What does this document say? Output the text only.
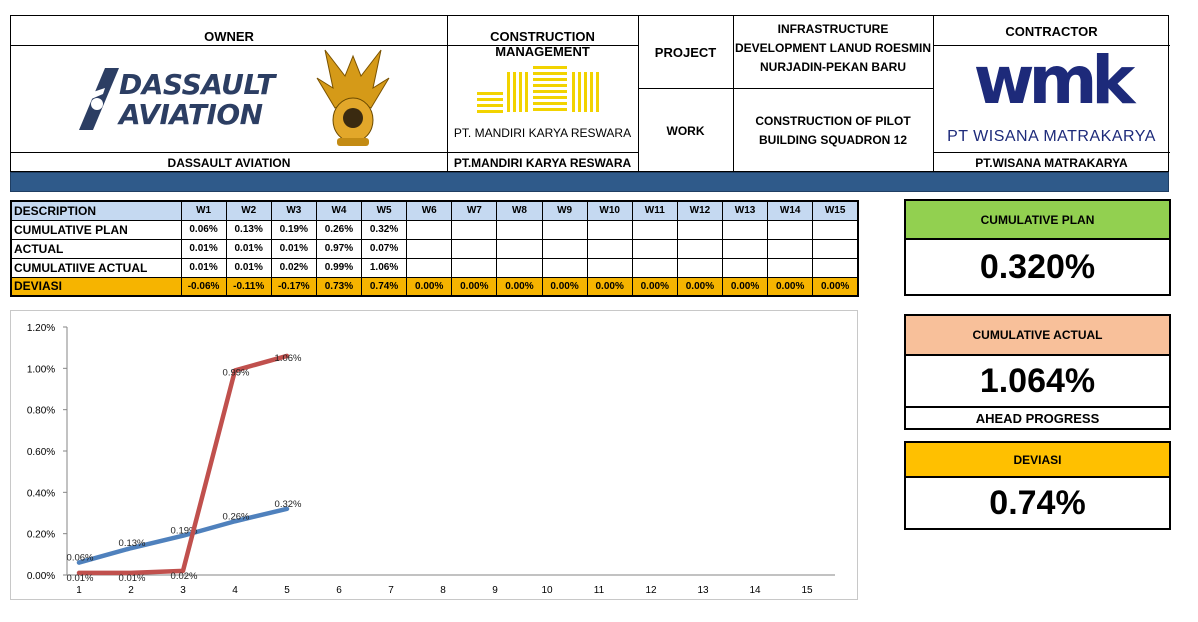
OWNER
DASSAULT
AVIATION
DASSAULT AVIATION
CONSTRUCTION MANAGEMENT
PT. MANDIRI KARYA RESWARA
PT.MANDIRI KARYA RESWARA
PROJECT
INFRASTRUCTURE DEVELOPMENT LANUD ROESMIN NURJADIN-PEKAN BARU
WORK
CONSTRUCTION OF PILOT BUILDING SQUADRON 12
CONTRACTOR
wmk
PT WISANA MATRAKARYA
PT.WISANA MATRAKARYA
DESCRIPTION	W1	W2	W3	W4	W5	W6	W7	W8	W9	W10	W11	W12	W13	W14	W15
CUMULATIVE PLAN	0.06%	0.13%	0.19%	0.26%	0.32%										
ACTUAL	0.01%	0.01%	0.01%	0.97%	0.07%										
CUMULATIIVE ACTUAL	0.01%	0.01%	0.02%	0.99%	1.06%										
DEVIASI	-0.06%	-0.11%	-0.17%	0.73%	0.74%	0.00%	0.00%	0.00%	0.00%	0.00%	0.00%	0.00%	0.00%	0.00%	0.00%
0.00%
0.20%
0.40%
0.60%
0.80%
1.00%
1.20%
1	2	3	4	5	6	7	8	9	10	11	12	13	14	15
0.06%
0.13%
0.19%
0.26%
0.32%
0.01%	0.01%	0.02%
0.99%
1.06%
CUMULATIVE PLAN
0.320%
CUMULATIVE ACTUAL
1.064%
AHEAD PROGRESS
DEVIASI
0.74%
